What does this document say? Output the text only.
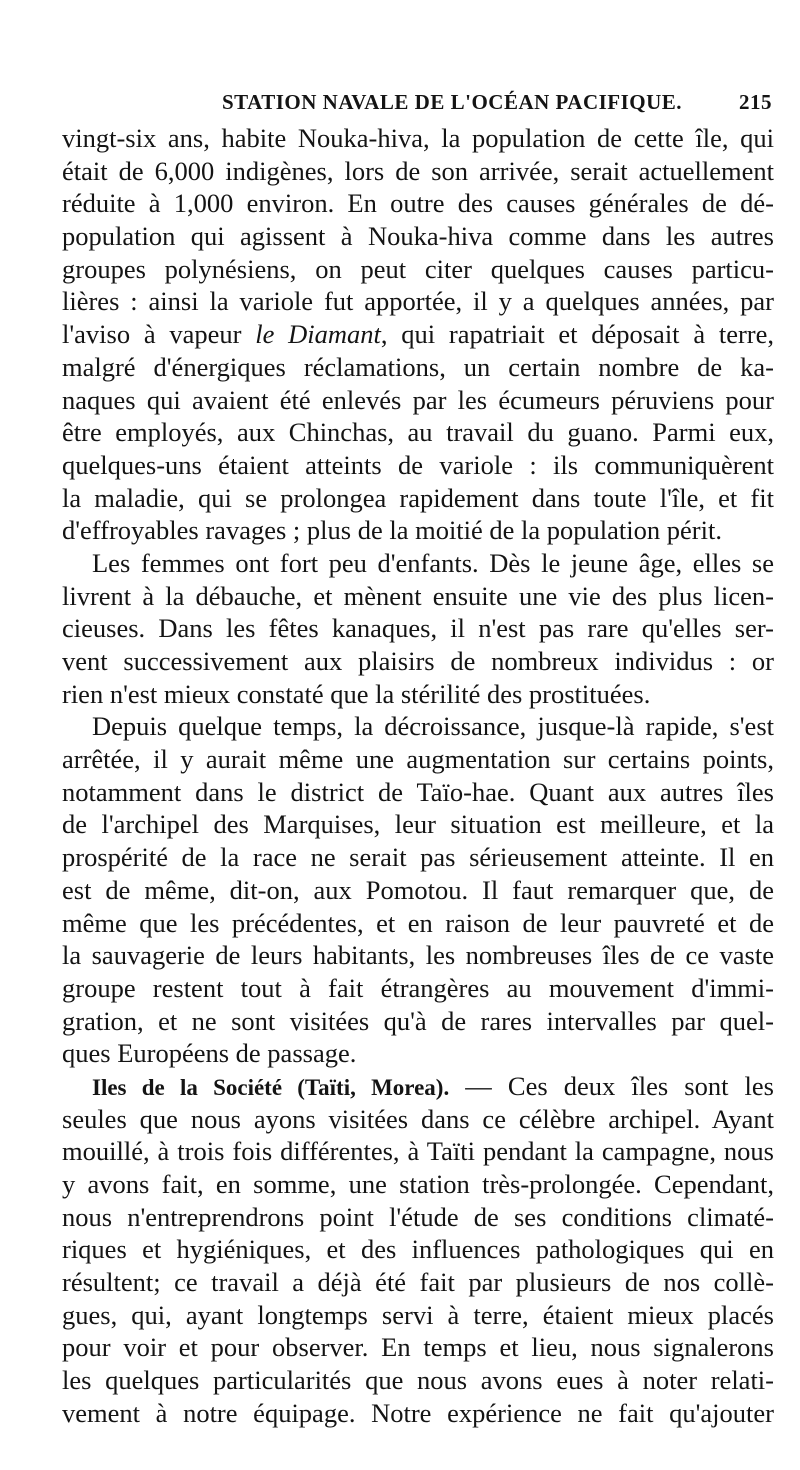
STATION NAVALE DE L'OCÉAN PACIFIQUE.	215
vingt-six ans, habite Nouka-hiva, la population de cette île, qui
était de 6,000 indigènes, lors de son arrivée, serait actuellement
réduite à 1,000 environ. En outre des causes générales de dé-
population qui agissent à Nouka-hiva comme dans les autres
groupes polynésiens, on peut citer quelques causes particu-
lières : ainsi la variole fut apportée, il y a quelques années, par
l'aviso à vapeur le Diamant, qui rapatriait et déposait à terre,
malgré d'énergiques réclamations, un certain nombre de ka-
naques qui avaient été enlevés par les écumeurs péruviens pour
être employés, aux Chinchas, au travail du guano. Parmi eux,
quelques-uns étaient atteints de variole : ils communiquèrent
la maladie, qui se prolongea rapidement dans toute l'île, et fit
d'effroyables ravages ; plus de la moitié de la population périt.
Les femmes ont fort peu d'enfants. Dès le jeune âge, elles se
livrent à la débauche, et mènent ensuite une vie des plus licen-
cieuses. Dans les fêtes kanaques, il n'est pas rare qu'elles ser-
vent successivement aux plaisirs de nombreux individus : or
rien n'est mieux constaté que la stérilité des prostituées.
Depuis quelque temps, la décroissance, jusque-là rapide, s'est
arrêtée, il y aurait même une augmentation sur certains points,
notamment dans le district de Taïo-hae. Quant aux autres îles
de l'archipel des Marquises, leur situation est meilleure, et la
prospérité de la race ne serait pas sérieusement atteinte. Il en
est de même, dit-on, aux Pomotou. Il faut remarquer que, de
même que les précédentes, et en raison de leur pauvreté et de
la sauvagerie de leurs habitants, les nombreuses îles de ce vaste
groupe restent tout à fait étrangères au mouvement d'immi-
gration, et ne sont visitées qu'à de rares intervalles par quel-
ques Européens de passage.
Iles de la Société (Taïti, Morea). — Ces deux îles sont les
seules que nous ayons visitées dans ce célèbre archipel. Ayant
mouillé, à trois fois différentes, à Taïti pendant la campagne, nous
y avons fait, en somme, une station très-prolongée. Cependant,
nous n'entreprendrons point l'étude de ses conditions climaté-
riques et hygiéniques, et des influences pathologiques qui en
résultent; ce travail a déjà été fait par plusieurs de nos collè-
gues, qui, ayant longtemps servi à terre, étaient mieux placés
pour voir et pour observer. En temps et lieu, nous signalerons
les quelques particularités que nous avons eues à noter relati-
vement à notre équipage. Notre expérience ne fait qu'ajouter
